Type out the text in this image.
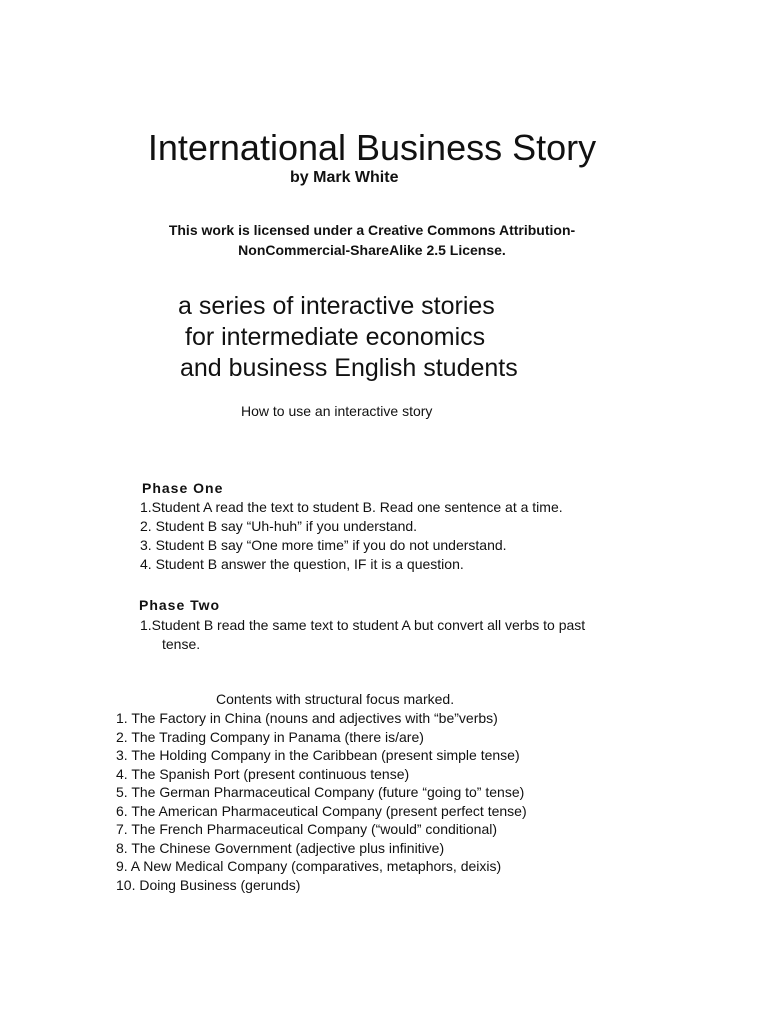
International Business Story
by Mark White
This work is licensed under a Creative Commons Attribution-
NonCommercial-ShareAlike 2.5 License.
a series of interactive stories
for intermediate economics
and business English students
How to use an interactive story
Phase One
1.Student A read the text to student B. Read one sentence at a time.
2. Student B say “Uh-huh” if you understand.
3. Student B say “One more time” if you do not understand.
4. Student B answer the question, IF it is a question.
Phase Two
1.Student B read the same text to student A but convert all verbs to past
tense.
Contents with structural focus marked.
1. The Factory in China (nouns and adjectives with “be”verbs)
2. The Trading Company in Panama (there is/are)
3. The Holding Company in the Caribbean (present simple tense)
4. The Spanish Port (present continuous tense)
5. The German Pharmaceutical Company (future “going to” tense)
6. The American Pharmaceutical Company (present perfect tense)
7. The French Pharmaceutical Company (“would” conditional)
8. The Chinese Government (adjective plus infinitive)
9. A New Medical Company (comparatives, metaphors, deixis)
10. Doing Business (gerunds)
